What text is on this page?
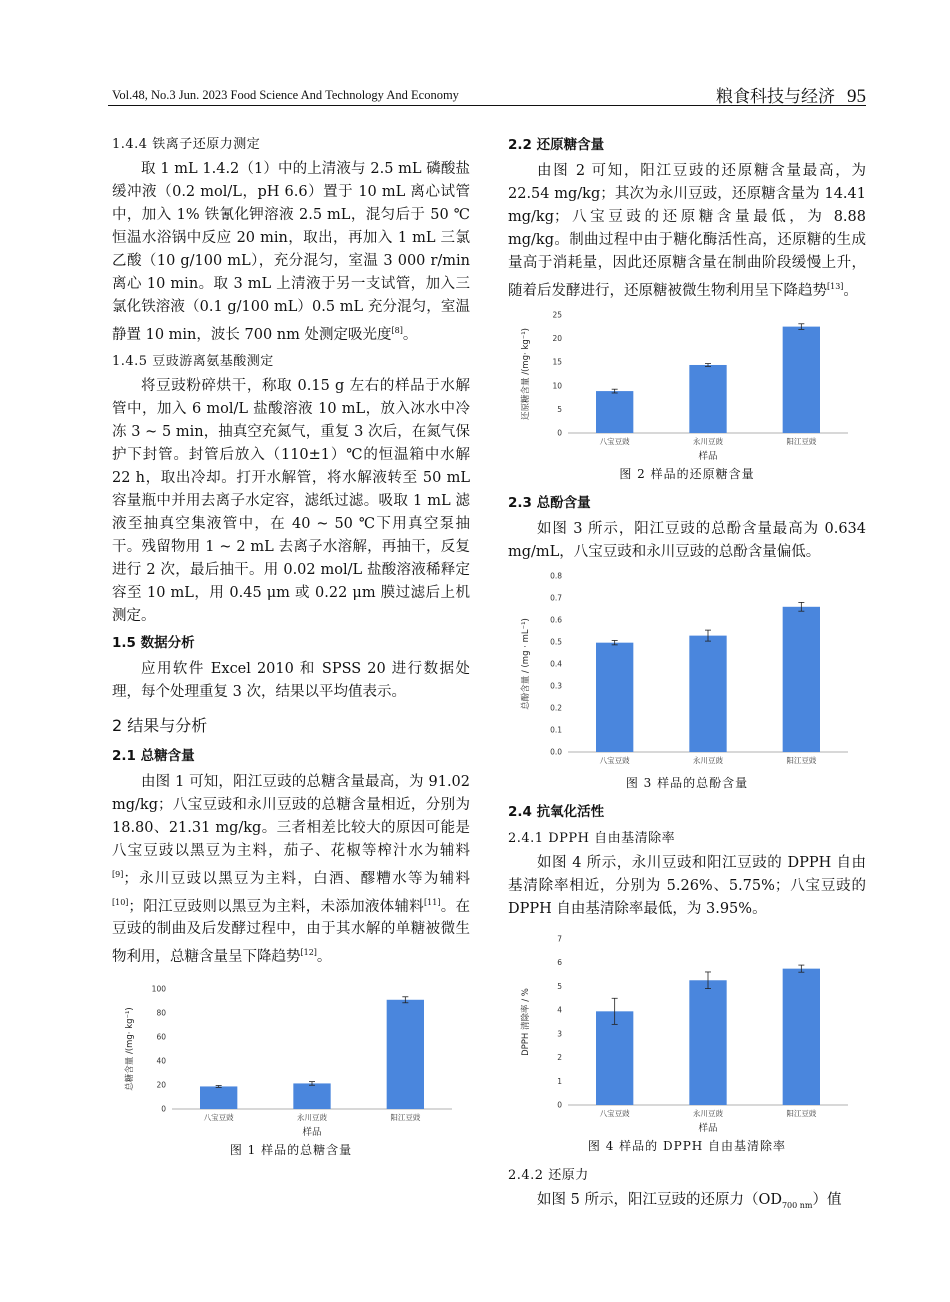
Vol.48, No.3 Jun. 2023 Food Science And Technology And Economy	粮食科技与经济 95
1.4.4 铁离子还原力测定

取 1 mL 1.4.2（1）中的上清液与 2.5 mL 磷酸盐缓冲液（0.2 mol/L，pH 6.6）置于 10 mL 离心试管中，加入 1% 铁氰化钾溶液 2.5 mL，混匀后于 50 ℃恒温水浴锅中反应 20 min，取出，再加入 1 mL 三氯乙酸（10 g/100 mL），充分混匀，室温 3 000 r/min 离心 10 min。取 3 mL 上清液于另一支试管，加入三氯化铁溶液（0.1 g/100 mL）0.5 mL 充分混匀，室温静置 10 min，波长 700 nm 处测定吸光度[8]。

1.4.5 豆豉游离氨基酸测定

将豆豉粉碎烘干，称取 0.15 g 左右的样品于水解管中，加入 6 mol/L 盐酸溶液 10 mL，放入冰水中冷冻 3 ~ 5 min，抽真空充氮气，重复 3 次后，在氮气保护下封管。封管后放入（110±1）℃的恒温箱中水解 22 h，取出冷却。打开水解管，将水解液转至 50 mL 容量瓶中并用去离子水定容，滤纸过滤。吸取 1 mL 滤液至抽真空集液管中，在 40 ~ 50 ℃下用真空泵抽干。残留物用 1 ~ 2 mL 去离子水溶解，再抽干，反复进行 2 次，最后抽干。用 0.02 mol/L 盐酸溶液稀释定容至 10 mL，用 0.45 μm 或 0.22 μm 膜过滤后上机测定。

1.5 数据分析

应用软件 Excel 2010 和 SPSS 20 进行数据处理，每个处理重复 3 次，结果以平均值表示。

2 结果与分析
2.1 总糖含量

由图 1 可知，阳江豆豉的总糖含量最高，为 91.02 mg/kg；八宝豆豉和永川豆豉的总糖含量相近，分别为 18.80、21.31 mg/kg。三者相差比较大的原因可能是八宝豆豉以黑豆为主料，茄子、花椒等榨汁水为辅料[9]；永川豆豉以黑豆为主料，白酒、醪糟水等为辅料[10]；阳江豆豉则以黑豆为主料，未添加液体辅料[11]。在豆豉的制曲及后发酵过程中，由于其水解的单糖被微生物利用，总糖含量呈下降趋势[12]。

0
20
40
60
80
100
八宝豆豉	永川豆豉	阳江豆豉
样品
总糖含量 /(mg· kg⁻¹)
图 1 样品的总糖含量
2.2 还原糖含量

由图 2 可知，阳江豆豉的还原糖含量最高，为 22.54 mg/kg；其次为永川豆豉，还原糖含量为 14.41 mg/kg；八宝豆豉的还原糖含量最低，为 8.88 mg/kg。制曲过程中由于糖化酶活性高，还原糖的生成量高于消耗量，因此还原糖含量在制曲阶段缓慢上升，随着后发酵进行，还原糖被微生物利用呈下降趋势[13]。

0
5
10
15
20
25
八宝豆豉	永川豆豉	阳江豆豉
样品
还原糖含量 /(mg· kg⁻¹)
图 2 样品的还原糖含量
2.3 总酚含量

如图 3 所示，阳江豆豉的总酚含量最高为 0.634 mg/mL，八宝豆豉和永川豆豉的总酚含量偏低。

0.0
0.1
0.2
0.3
0.4
0.5
0.6
0.7
0.8
八宝豆豉	永川豆豉	阳江豆豉
总酚含量 / (mg · mL⁻¹)
图 3 样品的总酚含量
2.4 抗氧化活性
2.4.1 DPPH 自由基清除率

如图 4 所示，永川豆豉和阳江豆豉的 DPPH 自由基清除率相近，分别为 5.26%、5.75%；八宝豆豉的 DPPH 自由基清除率最低，为 3.95%。

0
1
2
3
4
5
6
7
八宝豆豉	永川豆豉	阳江豆豉
样品
DPPH 清除率 / %
图 4 样品的 DPPH 自由基清除率
2.4.2 还原力

如图 5 所示，阳江豆豉的还原力$(OD_{700 nm})$值
